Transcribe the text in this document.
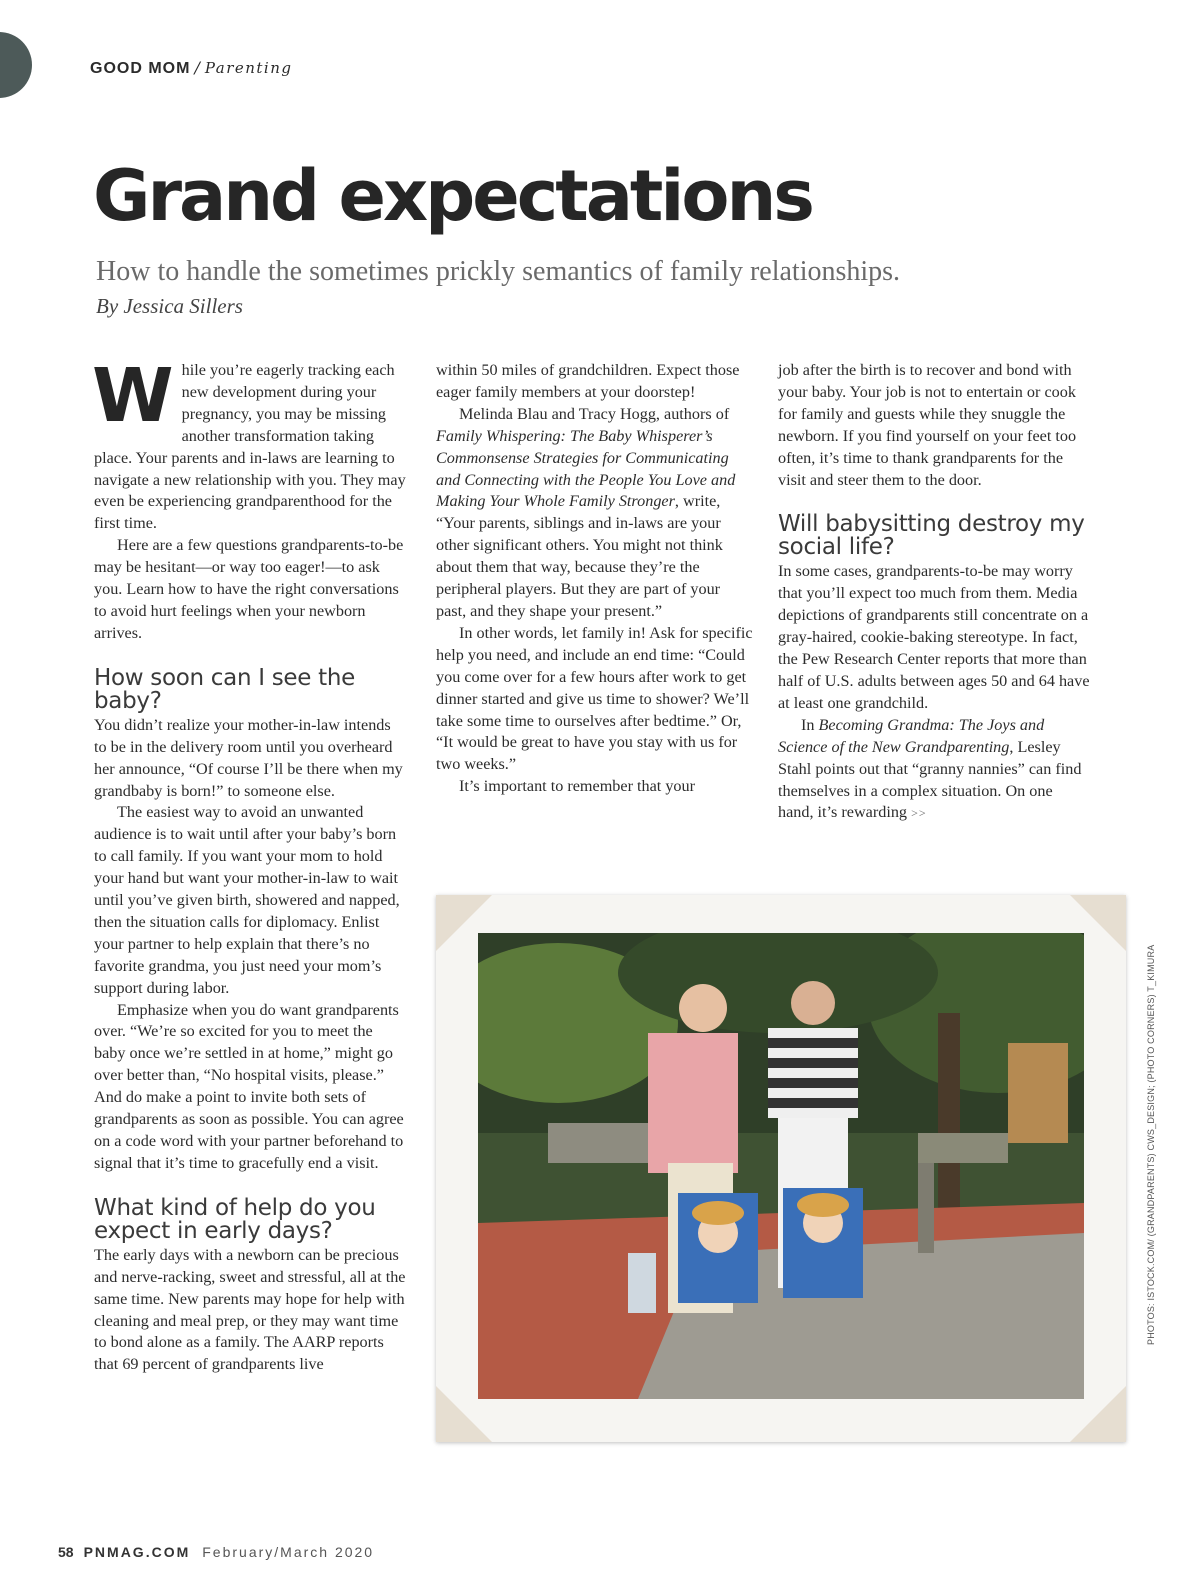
GOOD MOM / Parenting
Grand expectations

How to handle the sometimes prickly semantics of family relationships.

By Jessica Sillers

While you’re eagerly tracking each new development during your pregnancy, you may be missing another transformation taking place. Your parents and in-laws are learning to navigate a new relationship with you. They may even be experiencing grandparenthood for the first time.

Here are a few questions grandparents-to-be may be hesitant—or way too eager!—to ask you. Learn how to have the right conversations to avoid hurt feelings when your newborn arrives.

How soon can I see the baby?

You didn’t realize your mother-in-law intends to be in the delivery room until you overheard her announce, “Of course I’ll be there when my grandbaby is born!” to someone else.

The easiest way to avoid an unwanted audience is to wait until after your baby’s born to call family. If you want your mom to hold your hand but want your mother-in-law to wait until you’ve given birth, showered and napped, then the situation calls for diplomacy. Enlist your partner to help explain that there’s no favorite grandma, you just need your mom’s support during labor.

Emphasize when you do want grandparents over. “We’re so excited for you to meet the baby once we’re settled in at home,” might go over better than, “No hospital visits, please.” And do make a point to invite both sets of grandparents as soon as possible. You can agree on a code word with your partner beforehand to signal that it’s time to gracefully end a visit.

What kind of help do you expect in early days?

The early days with a newborn can be precious and nerve-racking, sweet and stressful, all at the same time. New parents may hope for help with cleaning and meal prep, or they may want time to bond alone as a family. The AARP reports that 69 percent of grandparents live

within 50 miles of grandchildren. Expect those eager family members at your doorstep!

Melinda Blau and Tracy Hogg, authors of Family Whispering: The Baby Whisperer’s Commonsense Strategies for Communicating and Connecting with the People You Love and Making Your Whole Family Stronger, write, “Your parents, siblings and in-laws are your other significant others. You might not think about them that way, because they’re the peripheral players. But they are part of your past, and they shape your present.”

In other words, let family in! Ask for specific help you need, and include an end time: “Could you come over for a few hours after work to get dinner started and give us time to shower? We’ll take some time to ourselves after bedtime.” Or, “It would be great to have you stay with us for two weeks.”

It’s important to remember that your

job after the birth is to recover and bond with your baby. Your job is not to entertain or cook for family and guests while they snuggle the newborn. If you find yourself on your feet too often, it’s time to thank grandparents for the visit and steer them to the door.

Will babysitting destroy my social life?

In some cases, grandparents-to-be may worry that you’ll expect too much from them. Media depictions of grandparents still concentrate on a gray-haired, cookie-baking stereotype. In fact, the Pew Research Center reports that more than half of U.S. adults between ages 50 and 64 have at least one grandchild.

In Becoming Grandma: The Joys and Science of the New Grandparenting, Lesley Stahl points out that “granny nannies” can find themselves in a complex situation. On one hand, it’s rewarding >>

PHOTOS: ISTOCK.COM/ (GRANDPARENTS) CWS_DESIGN; (PHOTO CORNERS) T_KIMURA
58 PNMAG.COM February/March 2020
